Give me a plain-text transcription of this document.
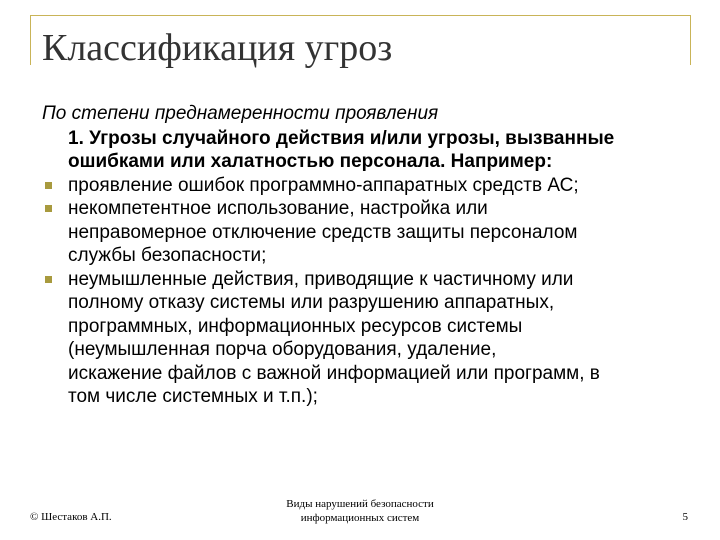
Классификация угроз
По степени преднамеренности проявления
1. Угрозы случайного действия и/или угрозы, вызванные
ошибками или халатностью персонала. Например:
проявление ошибок программно-аппаратных средств АС;
некомпетентное использование, настройка или
неправомерное отключение средств защиты персоналом
службы безопасности;
неумышленные действия, приводящие к частичному или
полному отказу системы или разрушению аппаратных,
программных, информационных ресурсов системы
(неумышленная порча оборудования, удаление,
искажение файлов с важной информацией или программ, в
том числе системных и т.п.);
© Шестаков А.П.
Виды нарушений безопасности
информационных систем	5
